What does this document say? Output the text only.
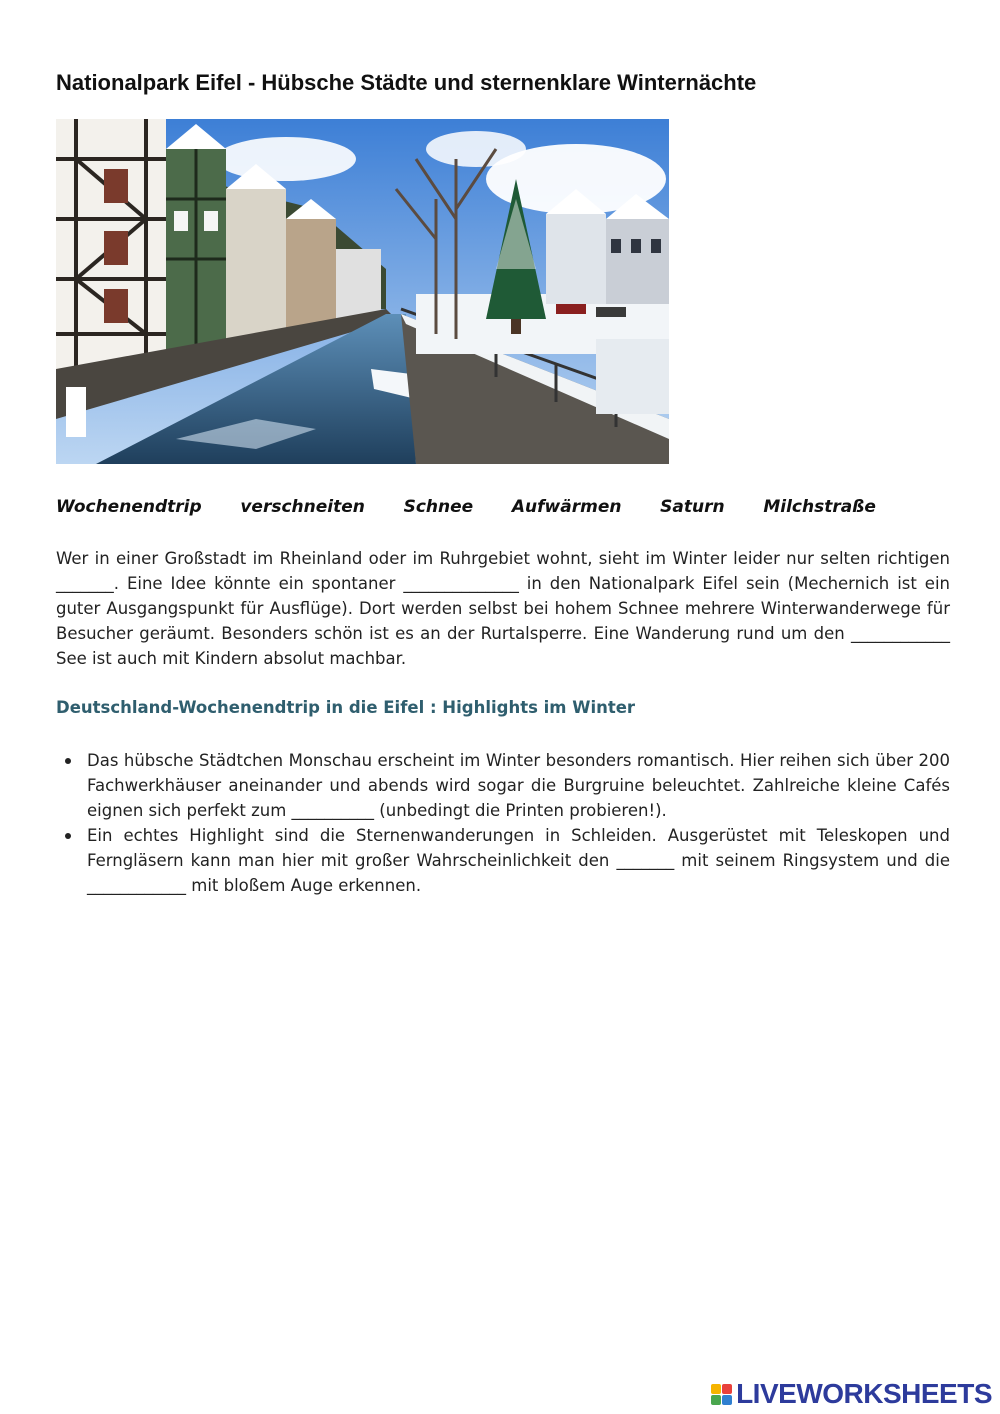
Nationalpark Eifel - Hübsche Städte und sternenklare Winternächte
Wochenendtrip verschneiten Schnee Aufwärmen Saturn Milchstraße
Wer in einer Großstadt im Rheinland oder im Ruhrgebiet wohnt, sieht im Winter leider nur selten richtigen _______. Eine Idee könnte ein spontaner ______________ in den Nationalpark Eifel sein (Mechernich ist ein guter Ausgangspunkt für Ausflüge). Dort werden selbst bei hohem Schnee mehrere Winterwanderwege für Besucher geräumt. Besonders schön ist es an der Rurtalsperre. Eine Wanderung rund um den ____________ See ist auch mit Kindern absolut machbar.
Deutschland-Wochenendtrip in die Eifel : Highlights im Winter
Das hübsche Städtchen Monschau erscheint im Winter besonders romantisch. Hier reihen sich über 200 Fachwerkhäuser aneinander und abends wird sogar die Burgruine beleuchtet. Zahlreiche kleine Cafés eignen sich perfekt zum __________ (unbedingt die Printen probieren!).
Ein echtes Highlight sind die Sternenwanderungen in Schleiden. Ausgerüstet mit Teleskopen und Ferngläsern kann man hier mit großer Wahrscheinlichkeit den _______ mit seinem Ringsystem und die ____________ mit bloßem Auge erkennen.
LIVEWORKSHEETS
